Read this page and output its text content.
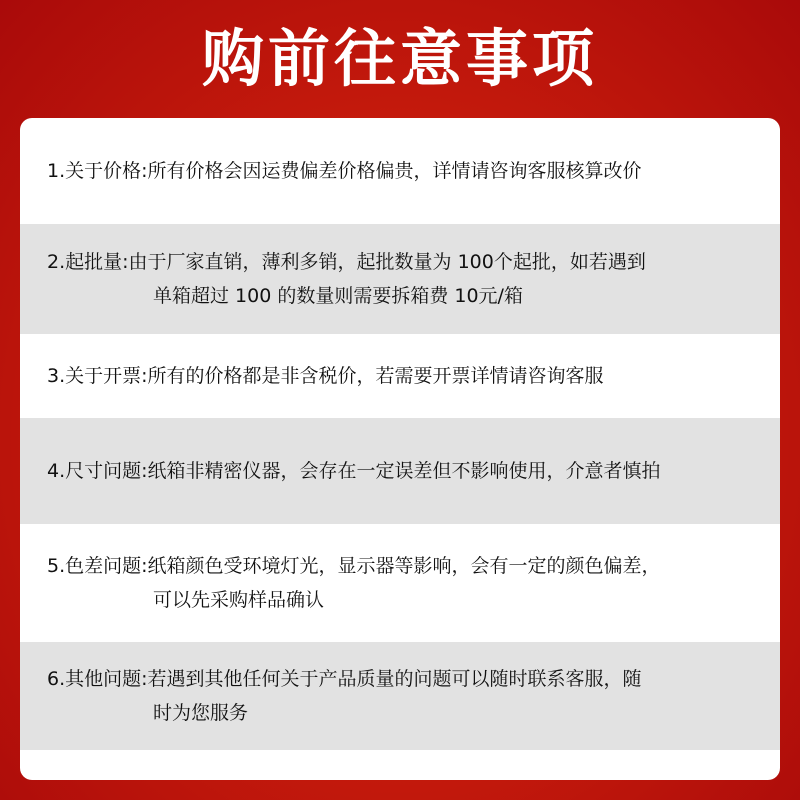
购前往意事项
1.关于价格:所有价格会因运费偏差价格偏贵，详情请咨询客服核算改价
2.起批量:由于厂家直销，薄利多销，起批数量为 100个起批，如若遇到
单箱超过 100 的数量则需要拆箱费 10元/箱
3.关于开票:所有的价格都是非含税价，若需要开票详情请咨询客服
4.尺寸问题:纸箱非精密仪器，会存在一定误差但不影响使用，介意者慎拍
5.色差问题:纸箱颜色受环境灯光，显示器等影响，会有一定的颜色偏差，
可以先采购样品确认
6.其他问题:若遇到其他任何关于产品质量的问题可以随时联系客服，随
时为您服务
